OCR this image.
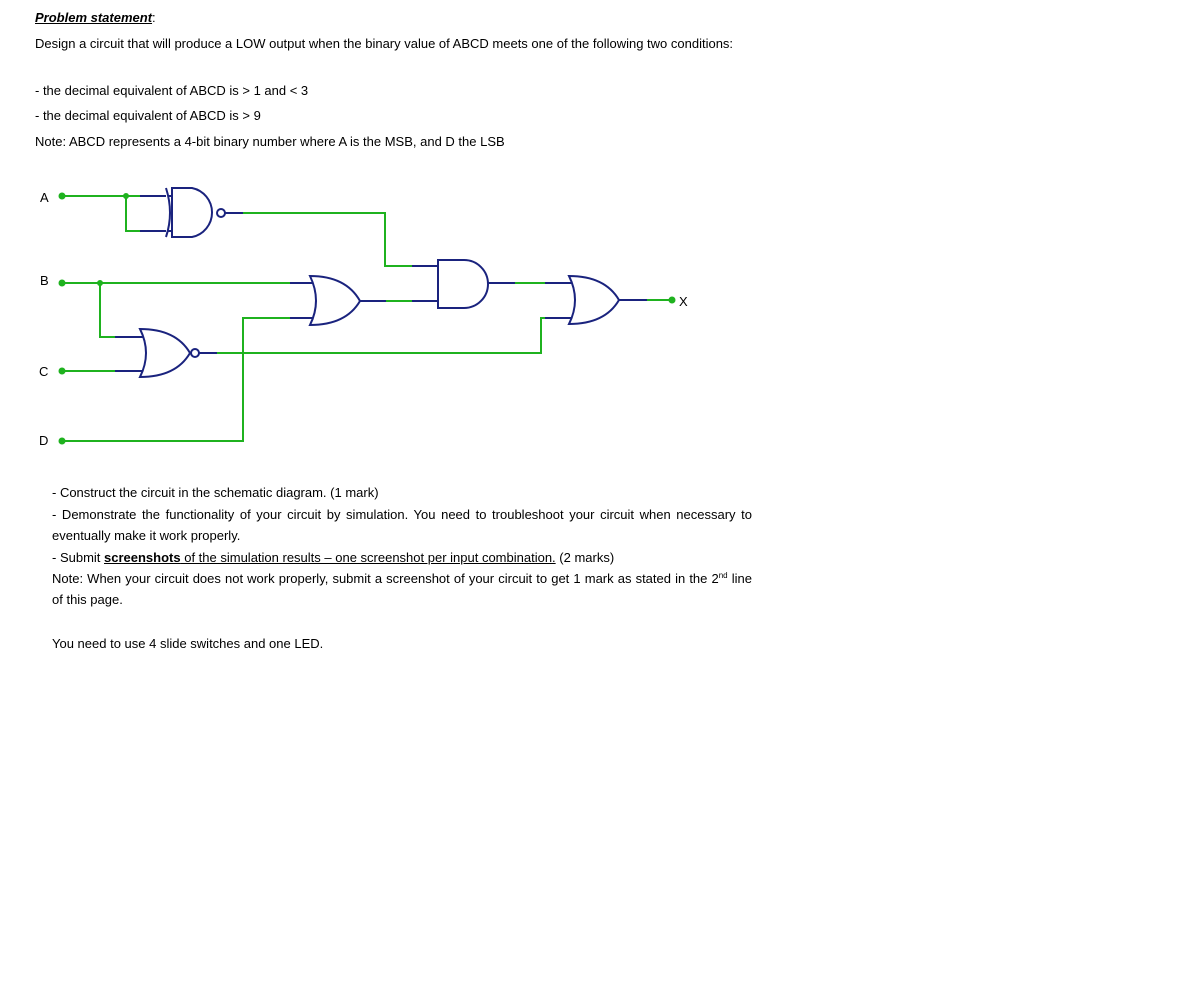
Problem statement:

Design a circuit that will produce a LOW output when the binary value of ABCD meets one of the following two conditions:

- the decimal equivalent of ABCD is > 1 and < 3

- the decimal equivalent of ABCD is > 9

Note: ABCD represents a 4-bit binary number where A is the MSB, and D the LSB

A
B
C
D
X

- Construct the circuit in the schematic diagram. (1 mark)

- Demonstrate the functionality of your circuit by simulation. You need to troubleshoot your circuit when necessary to eventually make it work properly.

- Submit screenshots of the simulation results – one screenshot per input combination. (2 marks)

Note: When your circuit does not work properly, submit a screenshot of your circuit to get 1 mark as stated in the 2nd line of this page.

You need to use 4 slide switches and one LED.
